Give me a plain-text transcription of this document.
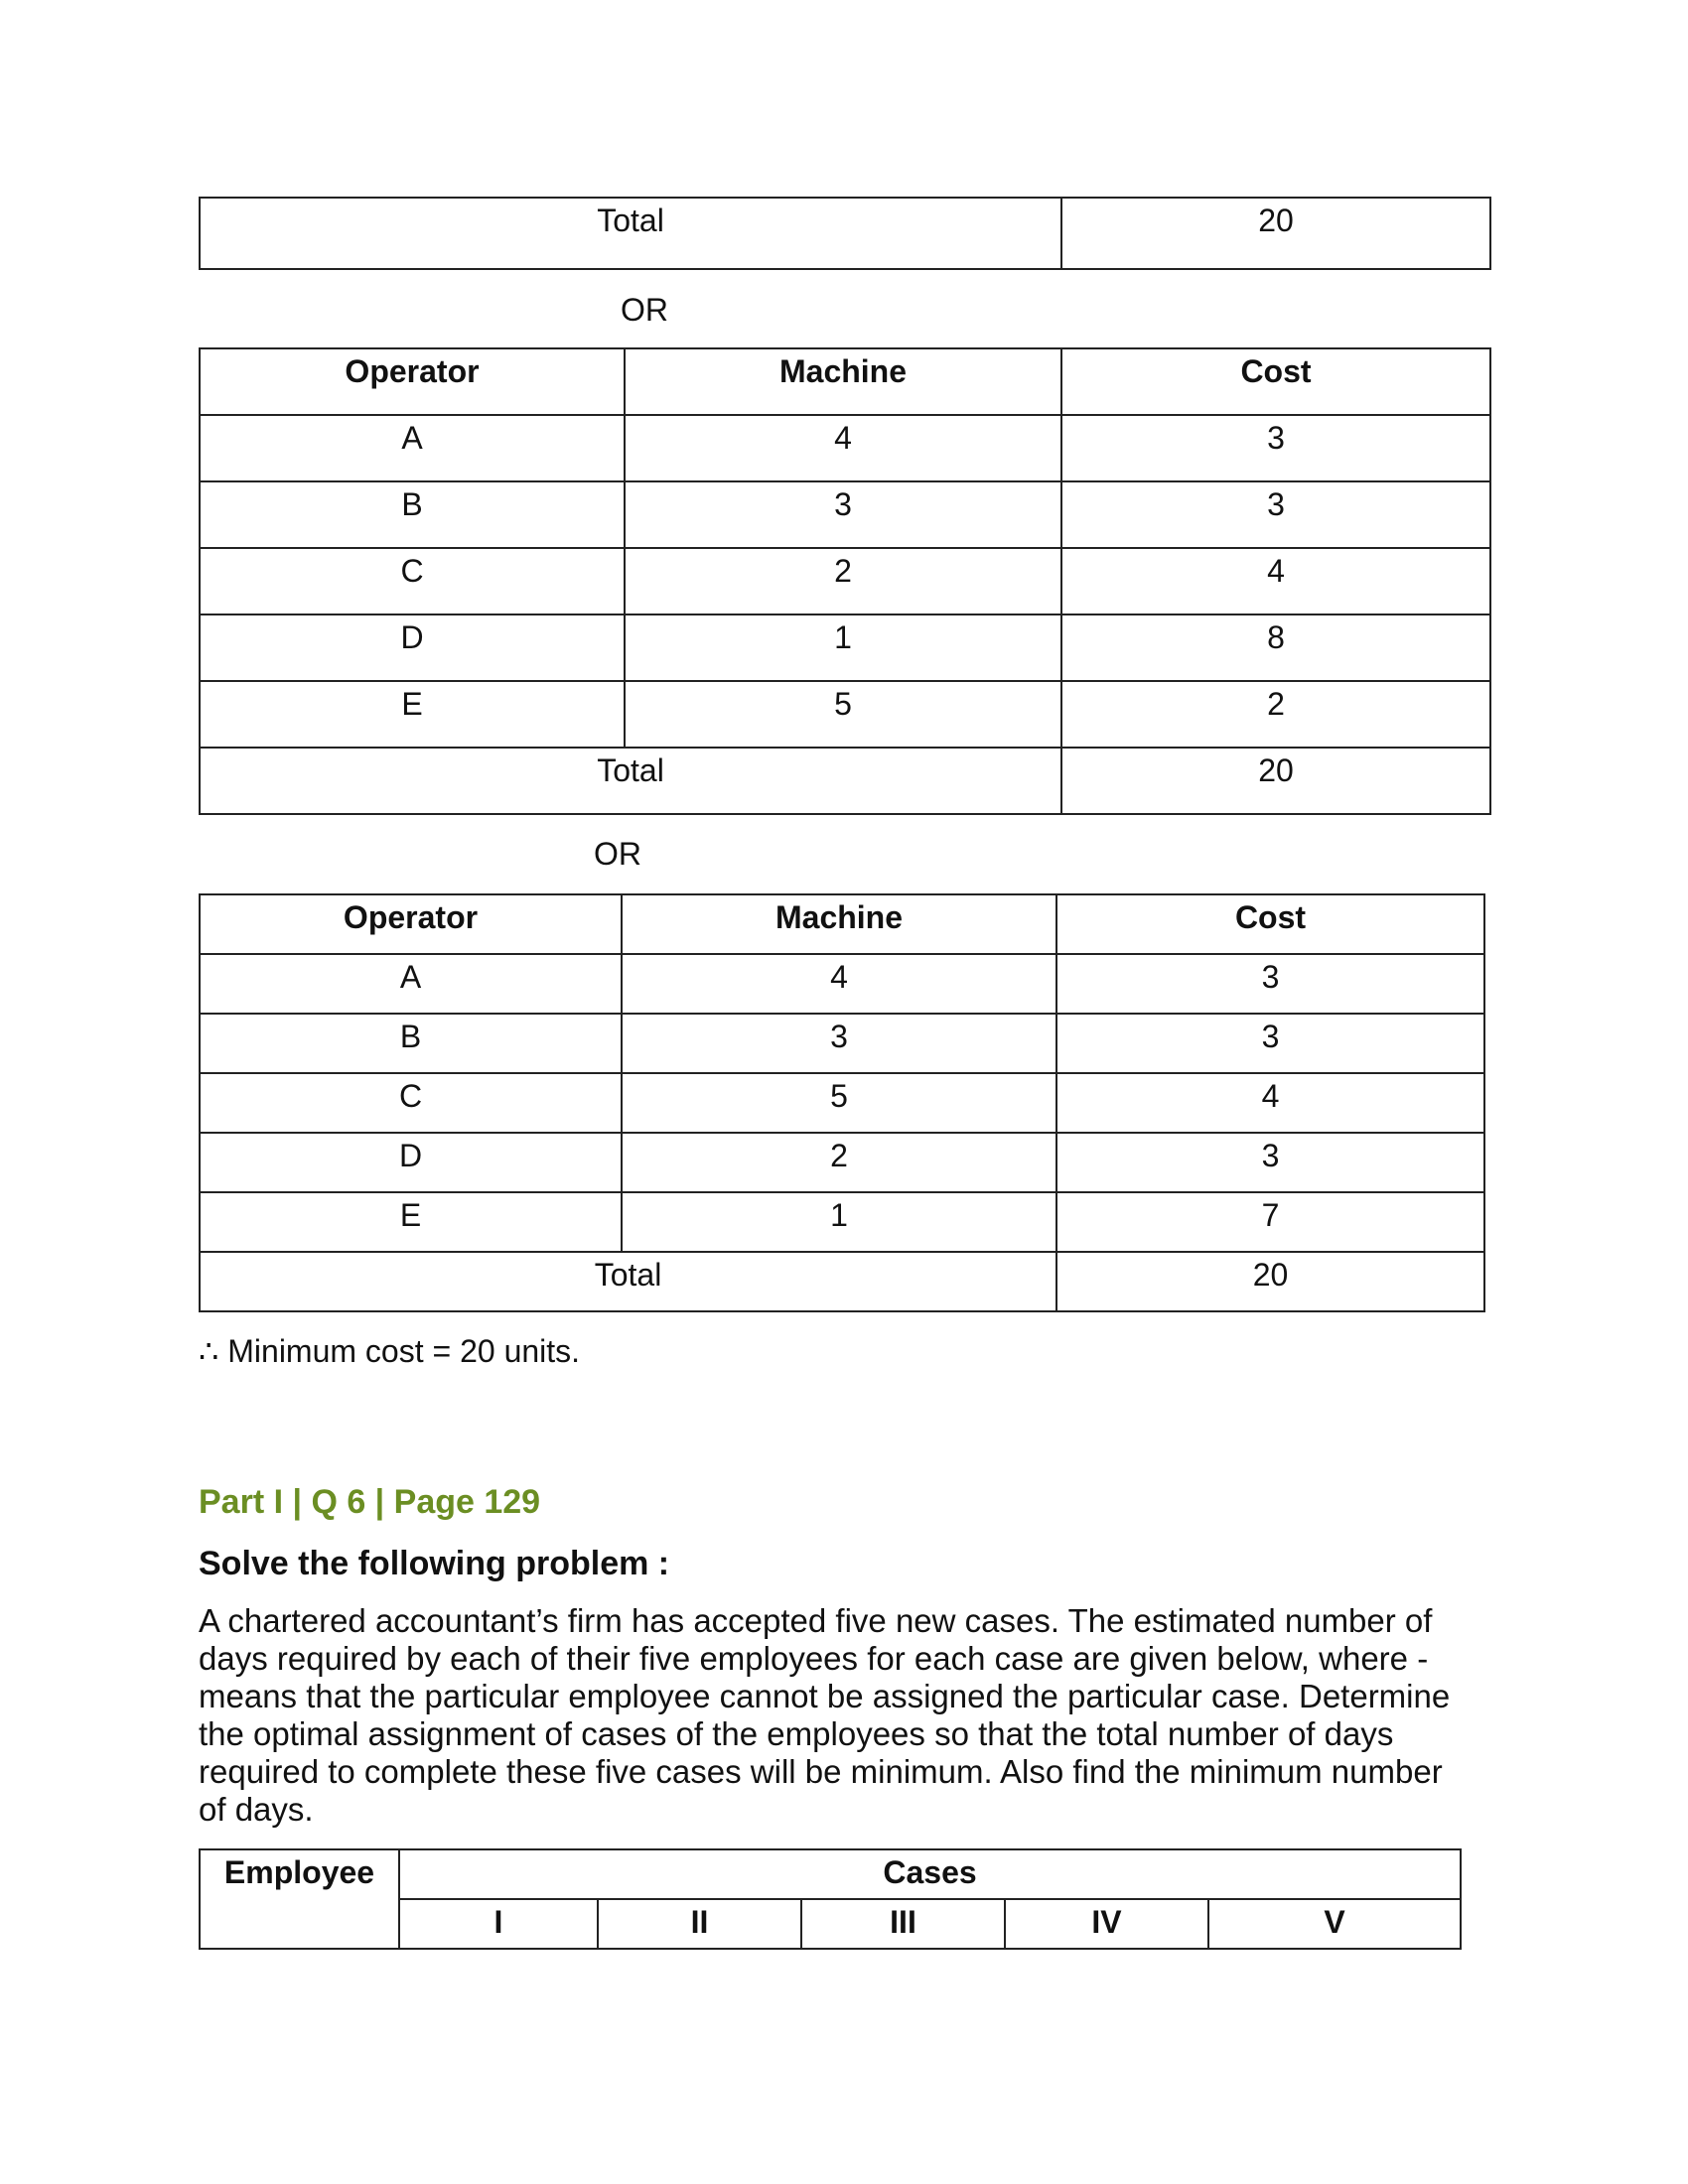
Total	20
OR
Operator	Machine	Cost
A	4	3
B	3	3
C	2	4
D	1	8
E	5	2
Total		20
OR
Operator	Machine	Cost
A	4	3
B	3	3
C	5	4
D	2	3
E	1	7
Total		20
∴ Minimum cost = 20 units.
Part I | Q 6 | Page 129
Solve the following problem :
A chartered accountant’s firm has accepted five new cases. The estimated number of
days required by each of their five employees for each case are given below, where -
means that the particular employee cannot be assigned the particular case. Determine
the optimal assignment of cases of the employees so that the total number of days
required to complete these five cases will be minimum. Also find the minimum number
of days.
Employee	Cases				
	I	II	III	IV	V
